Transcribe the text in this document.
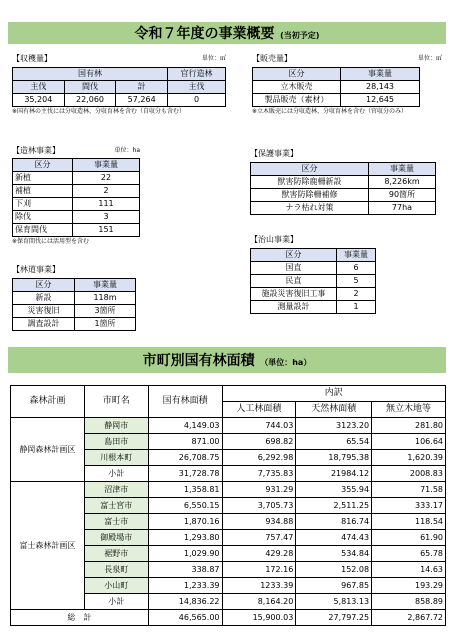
令和７年度の事業概要 (当初予定)
【収穫量】	単位：㎥
国有林			官行造林
主伐	間伐	計	主伐
35,204	22,060	57,264	0
※国有林の主伐には分収造林、分収育林を含む（自収分も含む）
【販売量】	単位：㎥
区分	事業量
立木販売	28,143
製品販売（素材）	12,645
※立木販売には分収造林、分収育林を含む（官収分のみ）
【造林事業】	単位：ha
区分	事業量
新植	22
補植	2
下刈	111
除伐	3
保育間伐	151
※保育間伐には活用型を含む
【保護事業】
区分	事業量
獣害防除鹿柵新設	8,226km
獣害防除柵補修	90箇所
ナラ枯れ対策	77ha
【林道事業】
区分	事業量
新設	118m
災害復旧	3箇所
調査設計	1箇所
【治山事業】
区分	事業量
国直	6
民直	5
施設災害復旧工事	2
測量設計	1
市町別国有林面積 （単位：ha）
森林計画	市町名	国有林面積	内訳		
			人工林面積	天然林面積	無立木地等
静岡森林計画区	静岡市	4,149.03	744.03	3123.20	281.80
	島田市	871.00	698.82	65.54	106.64
	川根本町	26,708.75	6,292.98	18,795.38	1,620.39
	小計	31,728.78	7,735.83	21984.12	2008.83
富士森林計画区	沼津市	1,358.81	931.29	355.94	71.58
	富士宮市	6,550.15	3,705.73	2,511.25	333.17
	富士市	1,870.16	934.88	816.74	118.54
	御殿場市	1,293.80	757.47	474.43	61.90
	裾野市	1,029.90	429.28	534.84	65.78
	長泉町	338.87	172.16	152.08	14.63
	小山町	1,233.39	1233.39	967.85	193.29
	小計	14,836.22	8,164.20	5,813.13	858.89
総　計		46,565.00	15,900.03	27,797.25	2,867.72
